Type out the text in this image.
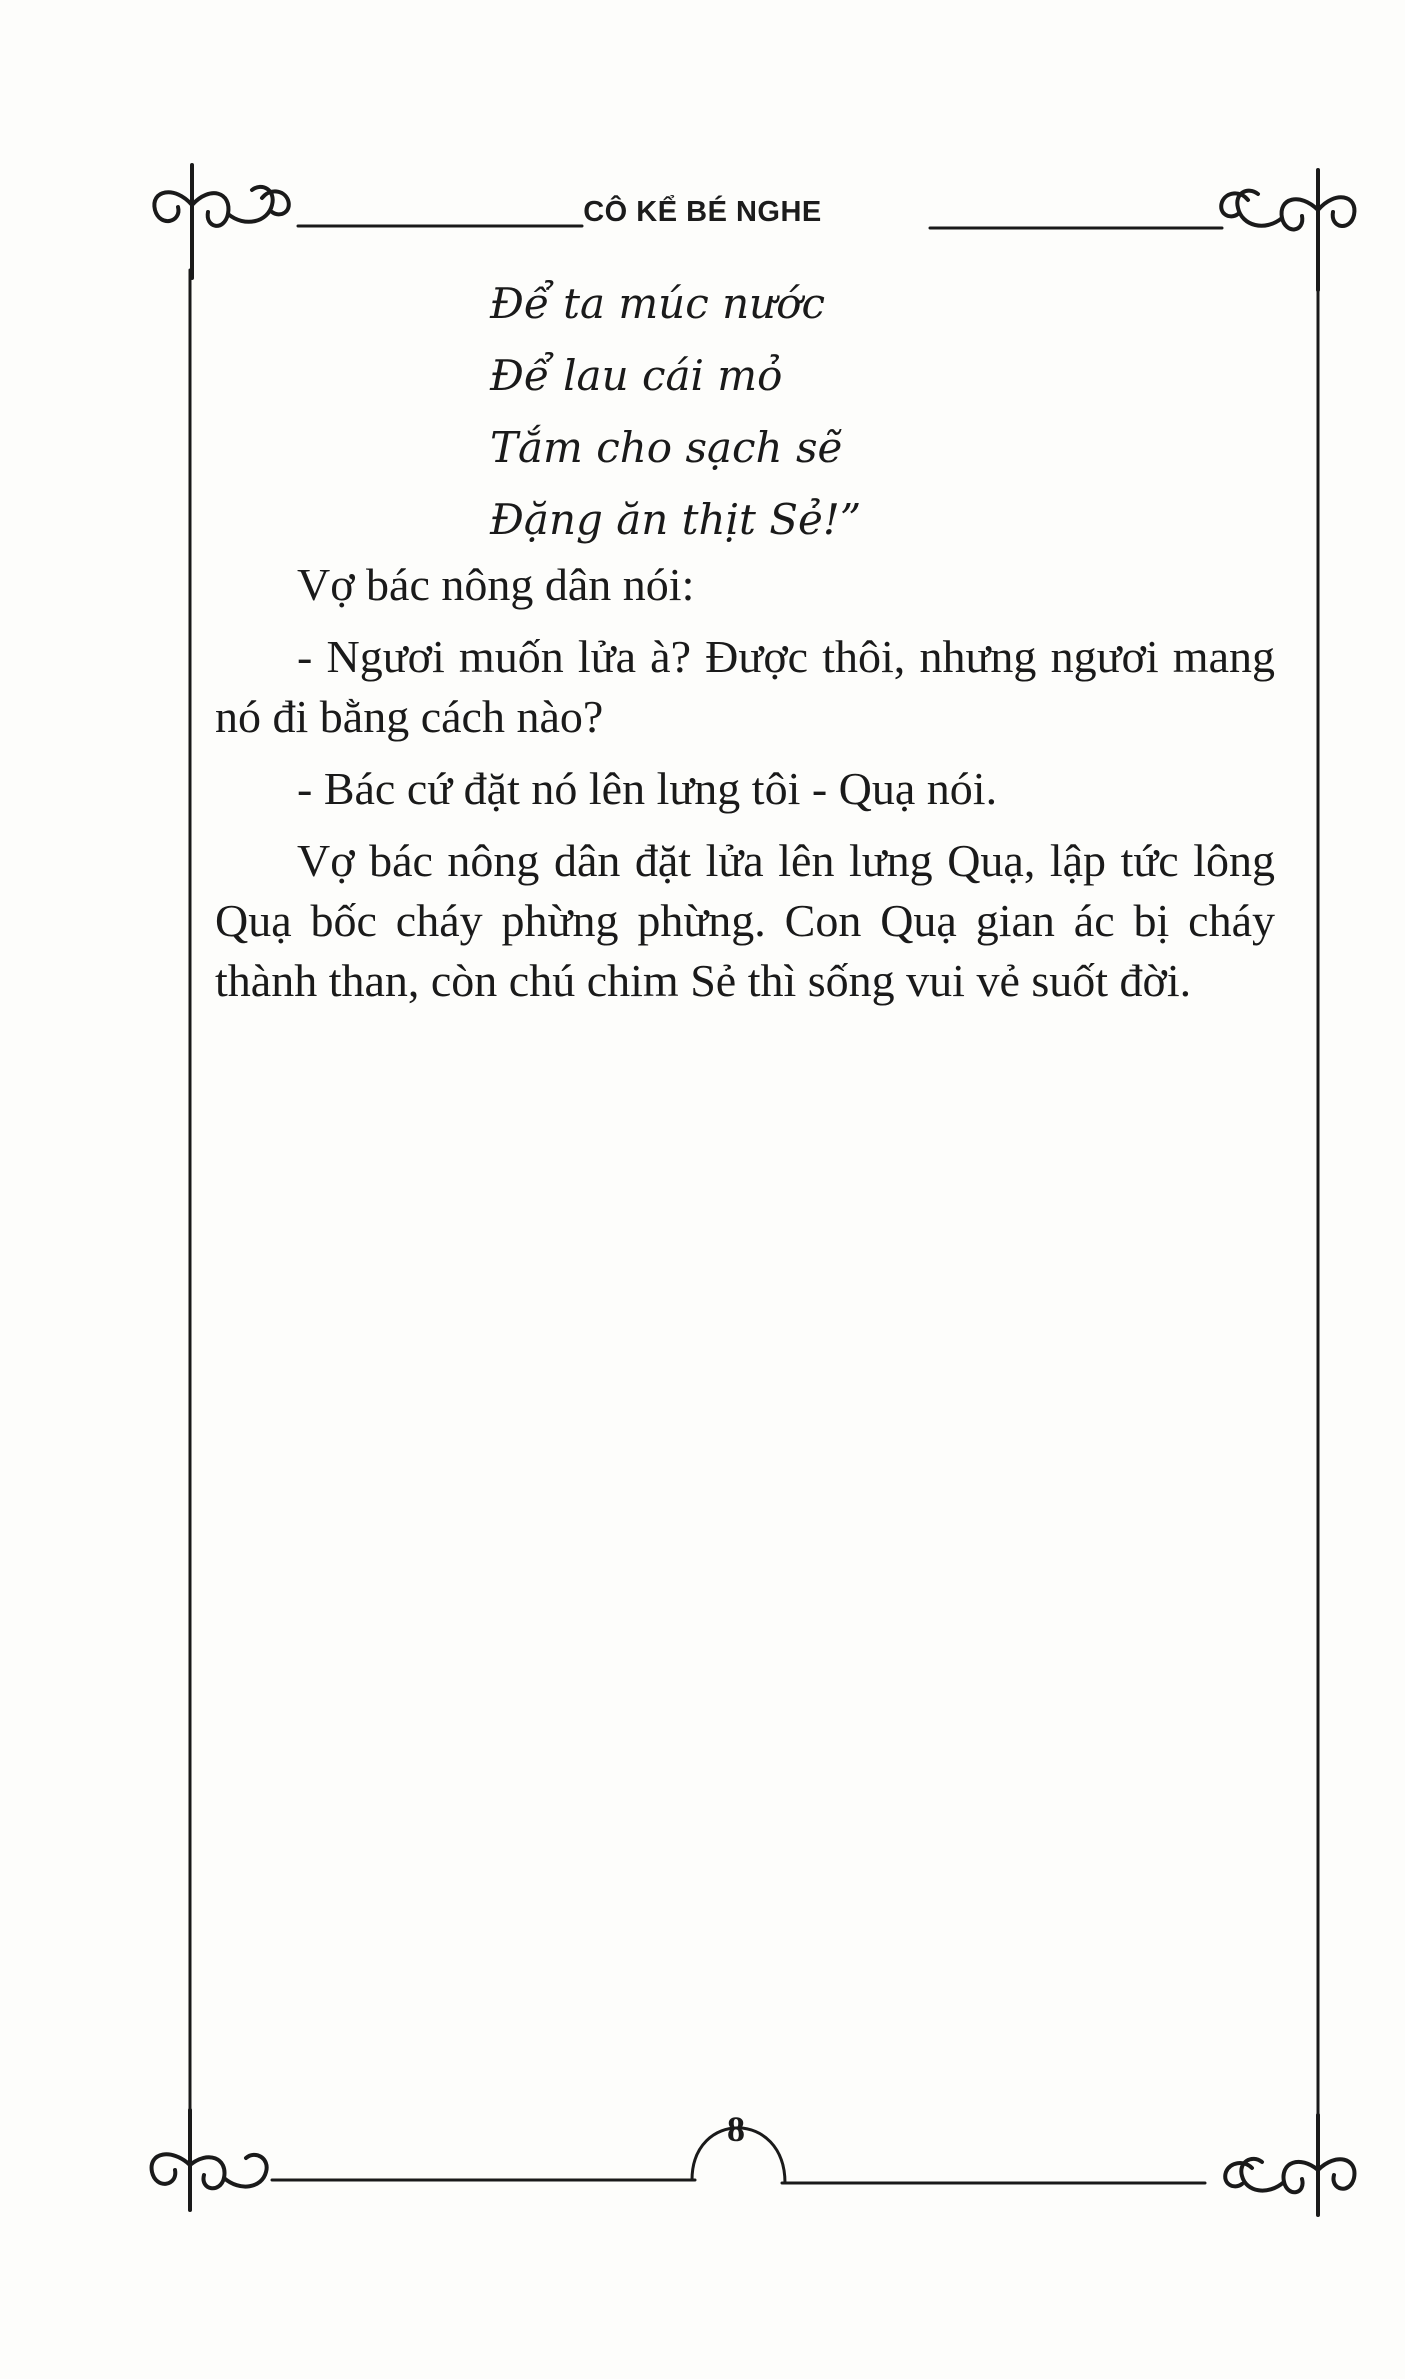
CÔ KỂ BÉ NGHE
Để ta múc nước
Để lau cái mỏ
Tắm cho sạch sẽ
Đặng ăn thịt Sẻ!”

Vợ bác nông dân nói:

- Ngươi muốn lửa à? Được thôi, nhưng ngươi mang nó đi bằng cách nào?

- Bác cứ đặt nó lên lưng tôi - Quạ nói.

Vợ bác nông dân đặt lửa lên lưng Quạ, lập tức lông Quạ bốc cháy phừng phừng. Con Quạ gian ác bị cháy thành than, còn chú chim Sẻ thì sống vui vẻ suốt đời.

8
